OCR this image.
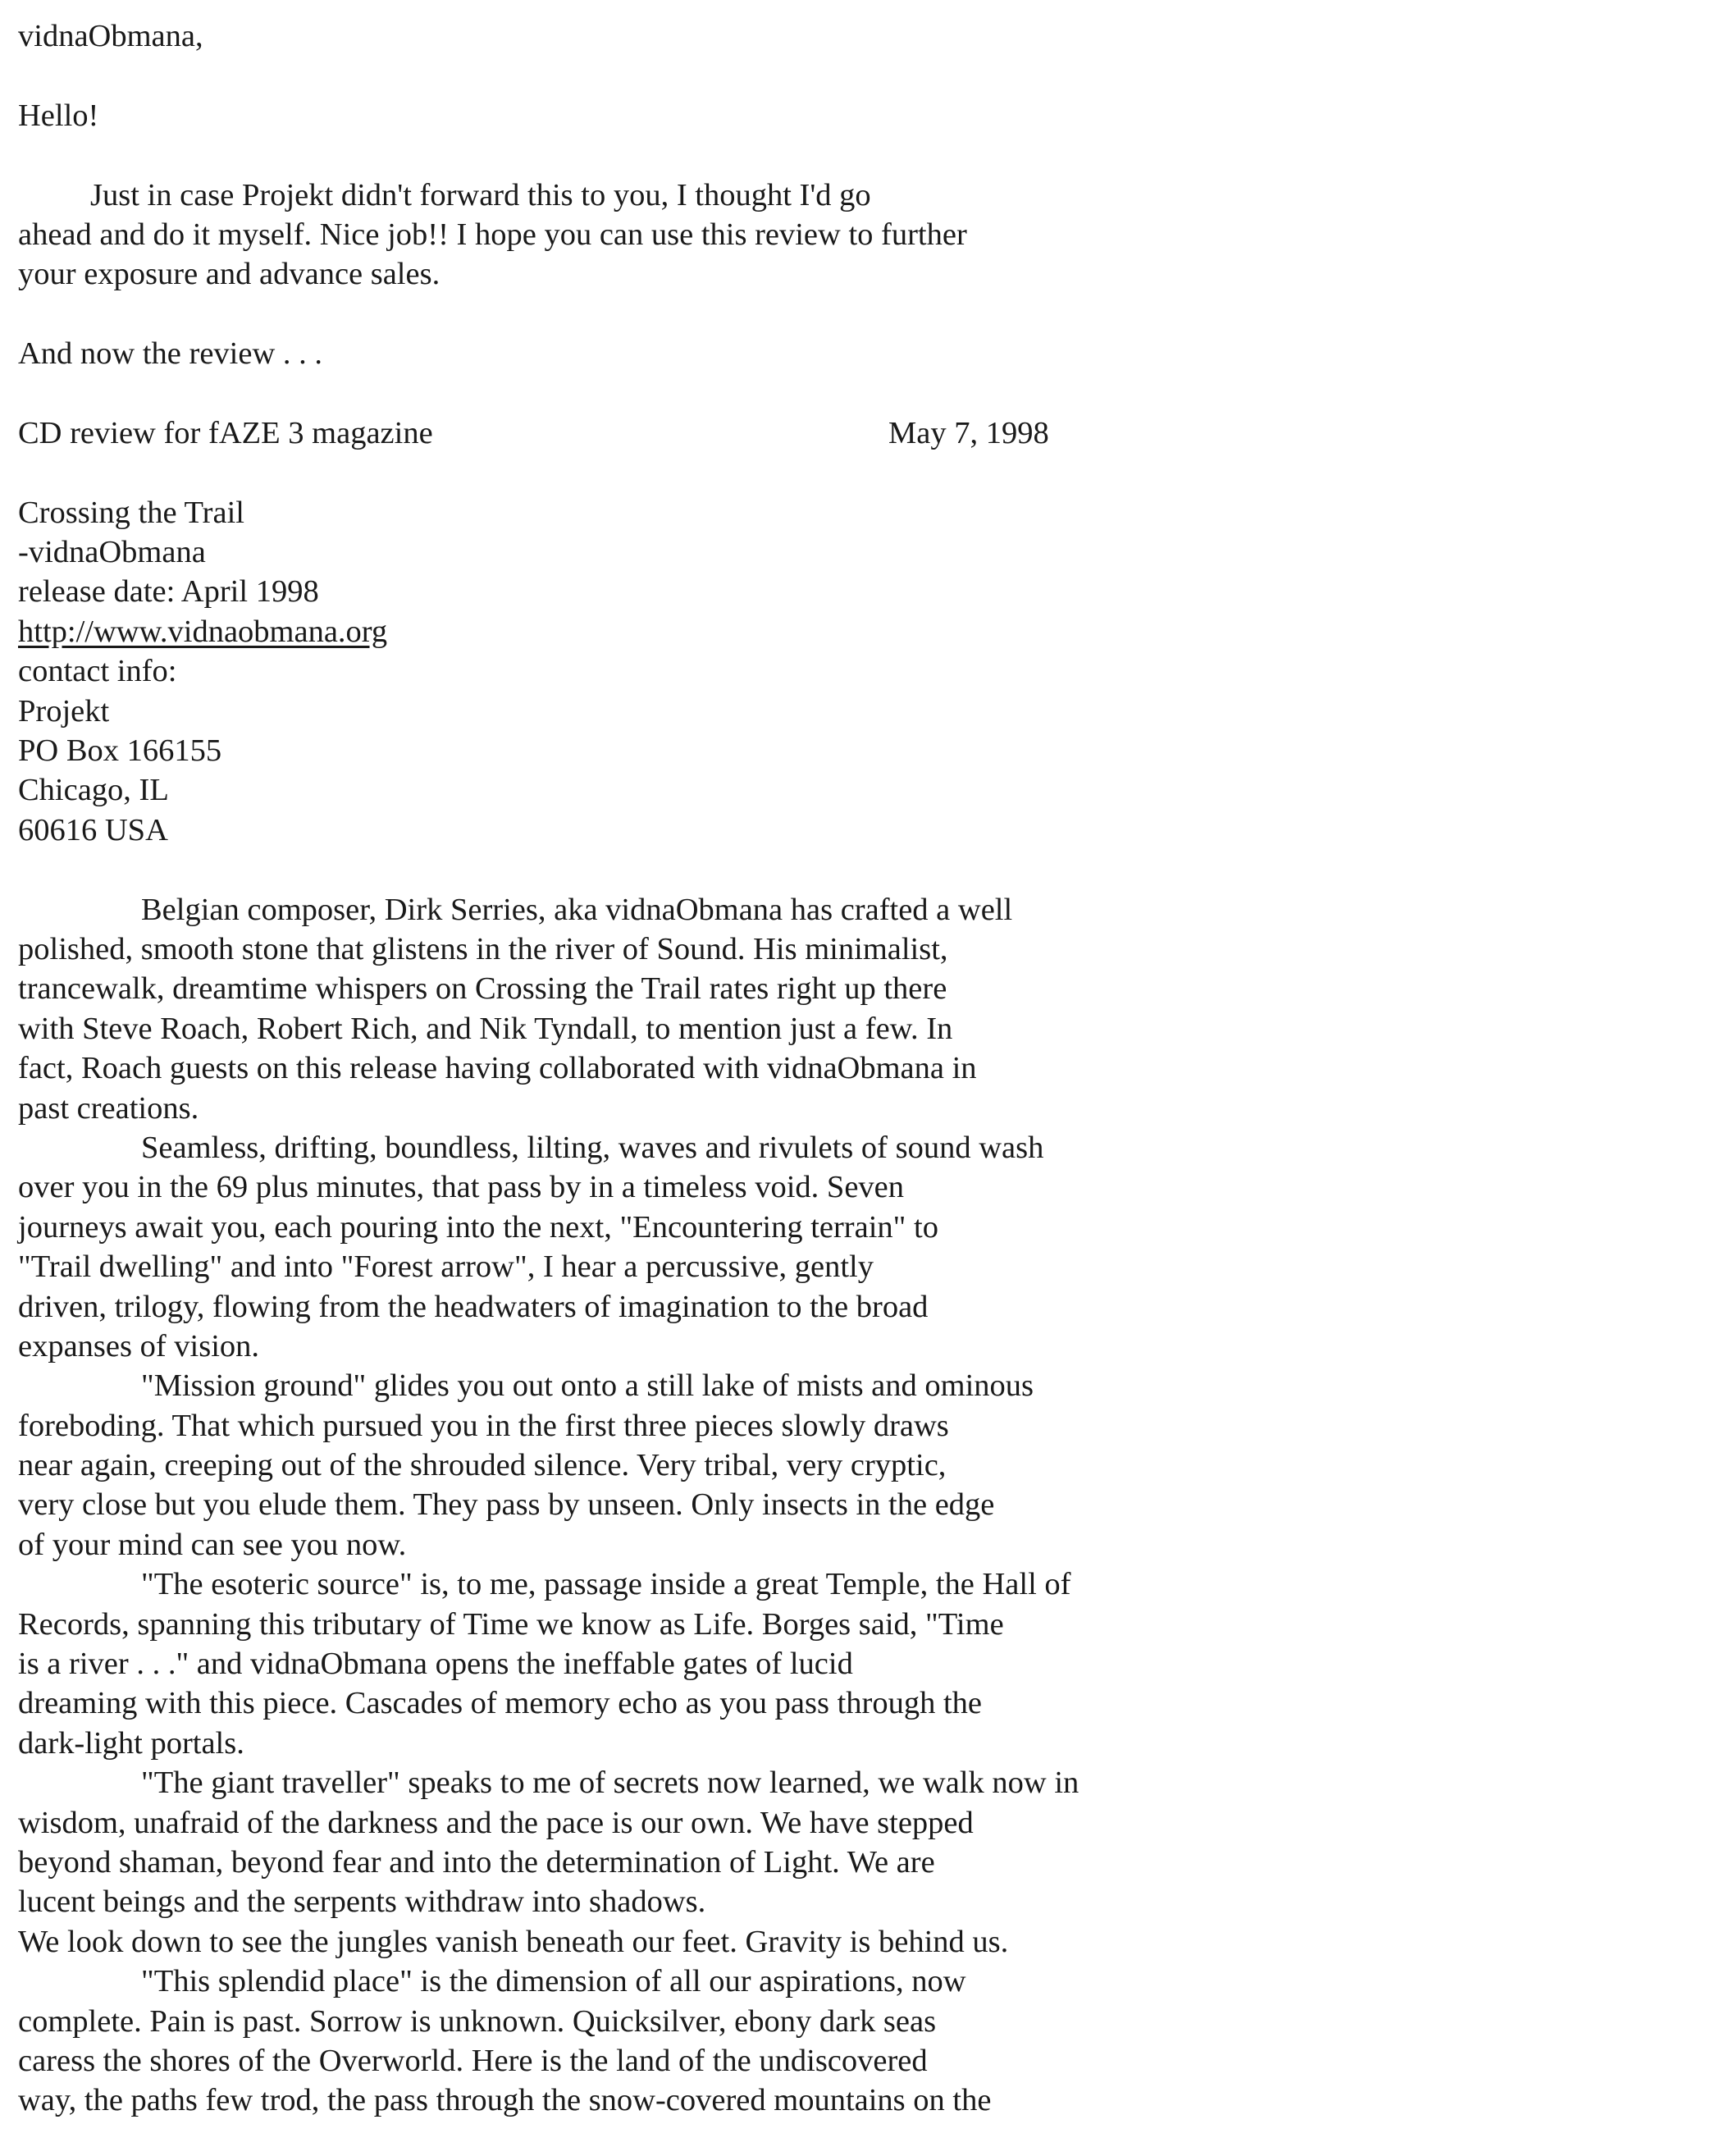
vidnaObmana,
Hello!
Just in case Projekt didn't forward this to you, I thought I'd go
ahead and do it myself. Nice job!! I hope you can use this review to further
your exposure and advance sales.
And now the review . . .
CD review for fAZE 3 magazine	May 7, 1998
Crossing the Trail
-vidnaObmana
release date: April 1998
http://www.vidnaobmana.org
contact info:
Projekt
PO Box 166155
Chicago, IL
60616 USA
Belgian composer, Dirk Serries, aka vidnaObmana has crafted a well
polished, smooth stone that glistens in the river of Sound. His minimalist,
trancewalk, dreamtime whispers on Crossing the Trail rates right up there
with Steve Roach, Robert Rich, and Nik Tyndall, to mention just a few. In
fact, Roach guests on this release having collaborated with vidnaObmana in
past creations.
Seamless, drifting, boundless, lilting, waves and rivulets of sound wash
over you in the 69 plus minutes, that pass by in a timeless void. Seven
journeys await you, each pouring into the next, "Encountering terrain" to
"Trail dwelling" and into "Forest arrow", I hear a percussive, gently
driven, trilogy, flowing from the headwaters of imagination to the broad
expanses of vision.
"Mission ground" glides you out onto a still lake of mists and ominous
foreboding. That which pursued you in the first three pieces slowly draws
near again, creeping out of the shrouded silence. Very tribal, very cryptic,
very close but you elude them. They pass by unseen. Only insects in the edge
of your mind can see you now.
"The esoteric source" is, to me, passage inside a great Temple, the Hall of
Records, spanning this tributary of Time we know as Life. Borges said, "Time
is a river . . ." and vidnaObmana opens the ineffable gates of lucid
dreaming with this piece. Cascades of memory echo as you pass through the
dark-light portals.
"The giant traveller" speaks to me of secrets now learned, we walk now in
wisdom, unafraid of the darkness and the pace is our own. We have stepped
beyond shaman, beyond fear and into the determination of Light. We are
lucent beings and the serpents withdraw into shadows.
We look down to see the jungles vanish beneath our feet. Gravity is behind us.
"This splendid place" is the dimension of all our aspirations, now
complete. Pain is past. Sorrow is unknown. Quicksilver, ebony dark seas
caress the shores of the Overworld. Here is the land of the undiscovered
way, the paths few trod, the pass through the snow-covered mountains on the
